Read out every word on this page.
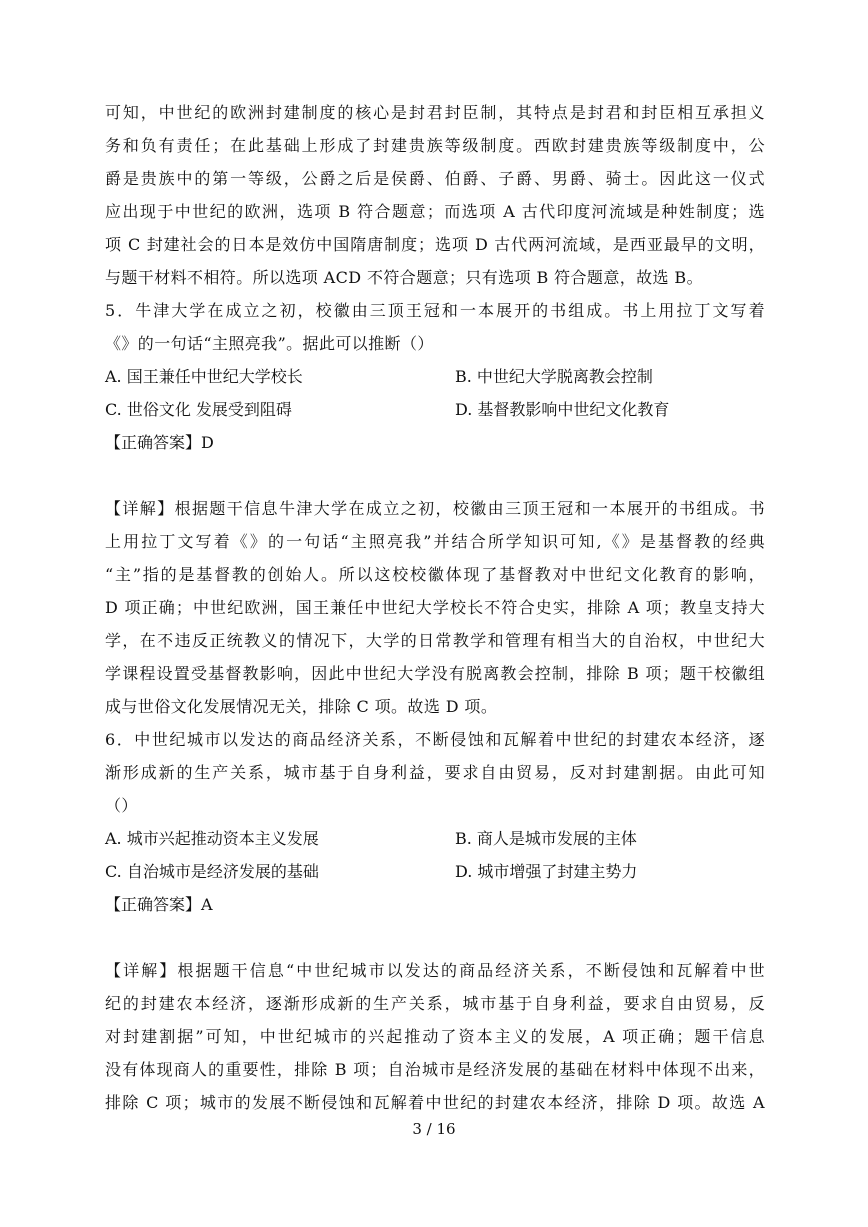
可知，中世纪的欧洲封建制度的核心是封君封臣制，其特点是封君和封臣相互承担义
务和负有责任；在此基础上形成了封建贵族等级制度。西欧封建贵族等级制度中，公
爵是贵族中的第一等级，公爵之后是侯爵、伯爵、子爵、男爵、骑士。因此这一仪式
应出现于中世纪的欧洲，选项 B 符合题意；而选项 A 古代印度河流域是种姓制度；选
项 C 封建社会的日本是效仿中国隋唐制度；选项 D 古代两河流域，是西亚最早的文明，
与题干材料不相符。所以选项 ACD 不符合题意；只有选项 B 符合题意，故选 B。
5．牛津大学在成立之初，校徽由三顶王冠和一本展开的书组成。书上用拉丁文写着
《》的一句话“主照亮我”。据此可以推断（）
A. 国王兼任中世纪大学校长	B. 中世纪大学脱离教会控制
C. 世俗文化 发展受到阻碍	D. 基督教影响中世纪文化教育
【正确答案】D
【详解】根据题干信息牛津大学在成立之初，校徽由三顶王冠和一本展开的书组成。书
上用拉丁文写着《》的一句话“主照亮我”并结合所学知识可知,《》是基督教的经典
“主”指的是基督教的创始人。所以这校校徽体现了基督教对中世纪文化教育的影响，
D 项正确；中世纪欧洲，国王兼任中世纪大学校长不符合史实，排除 A 项；教皇支持大
学，在不违反正统教义的情况下，大学的日常教学和管理有相当大的自治权，中世纪大
学课程设置受基督教影响，因此中世纪大学没有脱离教会控制，排除 B 项；题干校徽组
成与世俗文化发展情况无关，排除 C 项。故选 D 项。
6．中世纪城市以发达的商品经济关系，不断侵蚀和瓦解着中世纪的封建农本经济，逐
渐形成新的生产关系，城市基于自身利益，要求自由贸易，反对封建割据。由此可知
（）
A. 城市兴起推动资本主义发展	B. 商人是城市发展的主体
C. 自治城市是经济发展的基础	D. 城市增强了封建主势力
【正确答案】A
【详解】根据题干信息“中世纪城市以发达的商品经济关系，不断侵蚀和瓦解着中世
纪的封建农本经济，逐渐形成新的生产关系，城市基于自身利益，要求自由贸易，反
对封建割据”可知，中世纪城市的兴起推动了资本主义的发展，A 项正确；题干信息
没有体现商人的重要性，排除 B 项；自治城市是经济发展的基础在材料中体现不出来，
排除 C 项；城市的发展不断侵蚀和瓦解着中世纪的封建农本经济，排除 D 项。故选 A
3 / 16
